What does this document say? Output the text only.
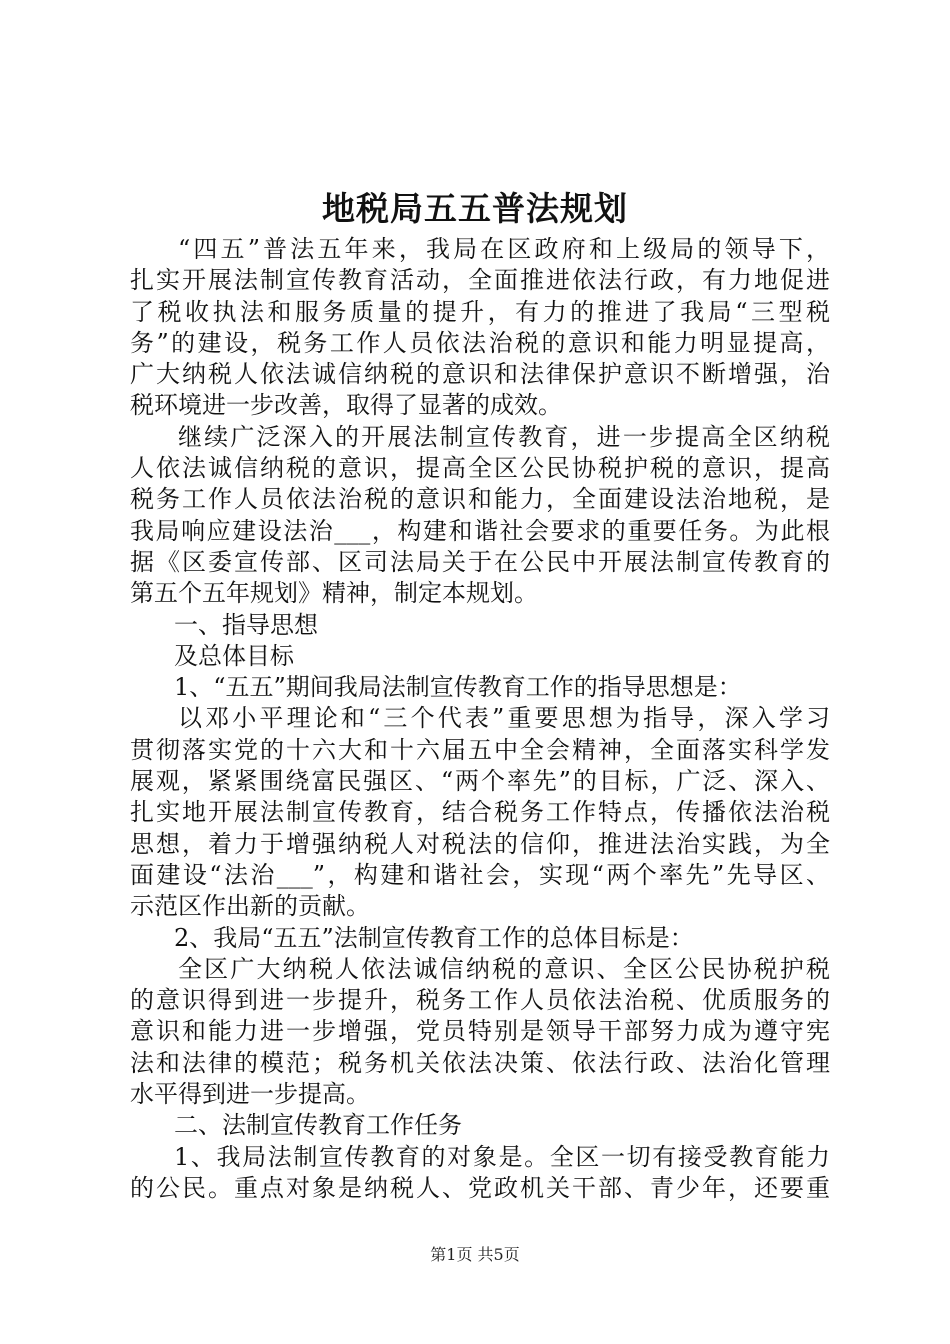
地税局五五普法规划
“四五”普法五年来，我局在区政府和上级局的领导下，
扎实开展法制宣传教育活动，全面推进依法行政，有力地促进
了税收执法和服务质量的提升，有力的推进了我局“三型税
务”的建设，税务工作人员依法治税的意识和能力明显提高，
广大纳税人依法诚信纳税的意识和法律保护意识不断增强，治
税环境进一步改善，取得了显著的成效。
继续广泛深入的开展法制宣传教育，进一步提高全区纳税
人依法诚信纳税的意识，提高全区公民协税护税的意识，提高
税务工作人员依法治税的意识和能力，全面建设法治地税，是
我局响应建设法治___，构建和谐社会要求的重要任务。为此根
据《区委宣传部、区司法局关于在公民中开展法制宣传教育的
第五个五年规划》精神，制定本规划。
一、指导思想
及总体目标
1、“五五”期间我局法制宣传教育工作的指导思想是：
以邓小平理论和“三个代表”重要思想为指导，深入学习
贯彻落实党的十六大和十六届五中全会精神，全面落实科学发
展观，紧紧围绕富民强区、“两个率先”的目标，广泛、深入、
扎实地开展法制宣传教育，结合税务工作特点，传播依法治税
思想，着力于增强纳税人对税法的信仰，推进法治实践，为全
面建设“法治___”，构建和谐社会，实现“两个率先”先导区、
示范区作出新的贡献。
2、我局“五五”法制宣传教育工作的总体目标是：
全区广大纳税人依法诚信纳税的意识、全区公民协税护税
的意识得到进一步提升，税务工作人员依法治税、优质服务的
意识和能力进一步增强，党员特别是领导干部努力成为遵守宪
法和法律的模范；税务机关依法决策、依法行政、法治化管理
水平得到进一步提高。
二、法制宣传教育工作任务
1、我局法制宣传教育的对象是。全区一切有接受教育能力
的公民。重点对象是纳税人、党政机关干部、青少年，还要重
第1页 共5页
